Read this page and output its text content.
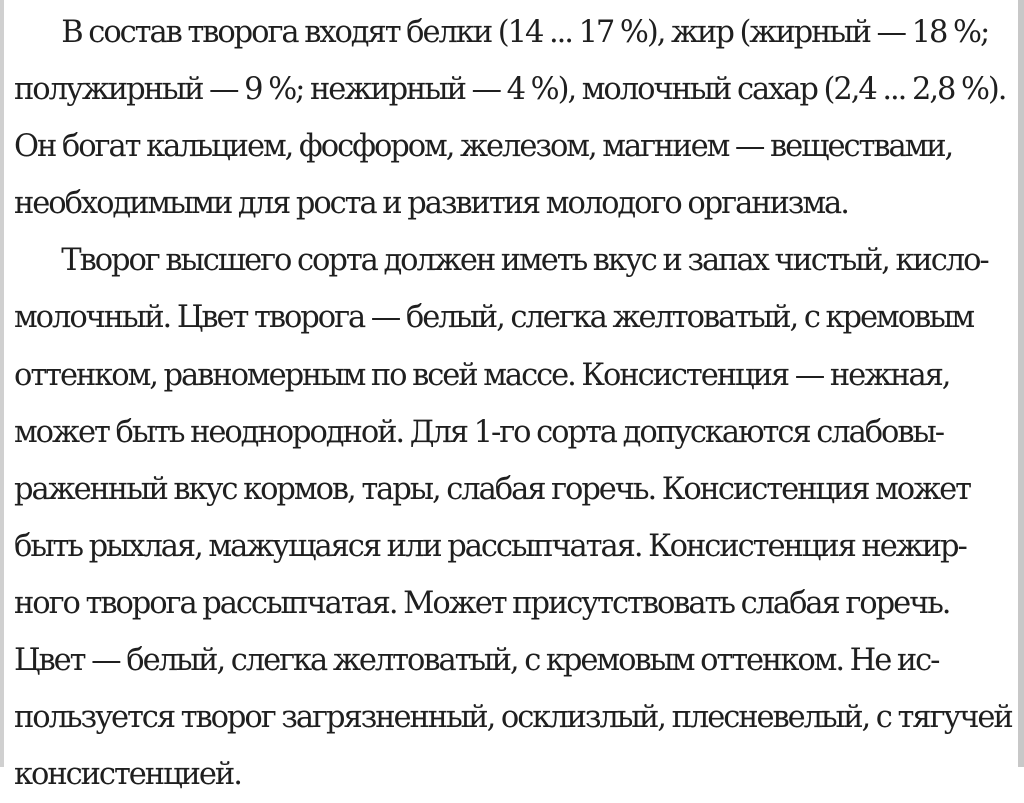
В состав творога входят белки (14 ... 17 %), жир (жирный — 18 %;
полужирный — 9 %; нежирный — 4 %), молочный сахар (2,4 ... 2,8 %).
Он богат кальцием, фосфором, железом, магнием — веществами,
необходимыми для роста и развития молодого организма.
Творог высшего сорта должен иметь вкус и запах чистый, кисло-
молочный. Цвет творога — белый, слегка желтоватый, с кремовым
оттенком, равномерным по всей массе. Консистенция — нежная,
может быть неоднородной. Для 1-го сорта допускаются слабовы-
раженный вкус кормов, тары, слабая горечь. Консистенция может
быть рыхлая, мажущаяся или рассыпчатая. Консистенция нежир-
ного творога рассыпчатая. Может присутствовать слабая горечь.
Цвет — белый, слегка желтоватый, с кремовым оттенком. Не ис-
пользуется творог загрязненный, осклизлый, плесневелый, с тягучей
консистенцией.
